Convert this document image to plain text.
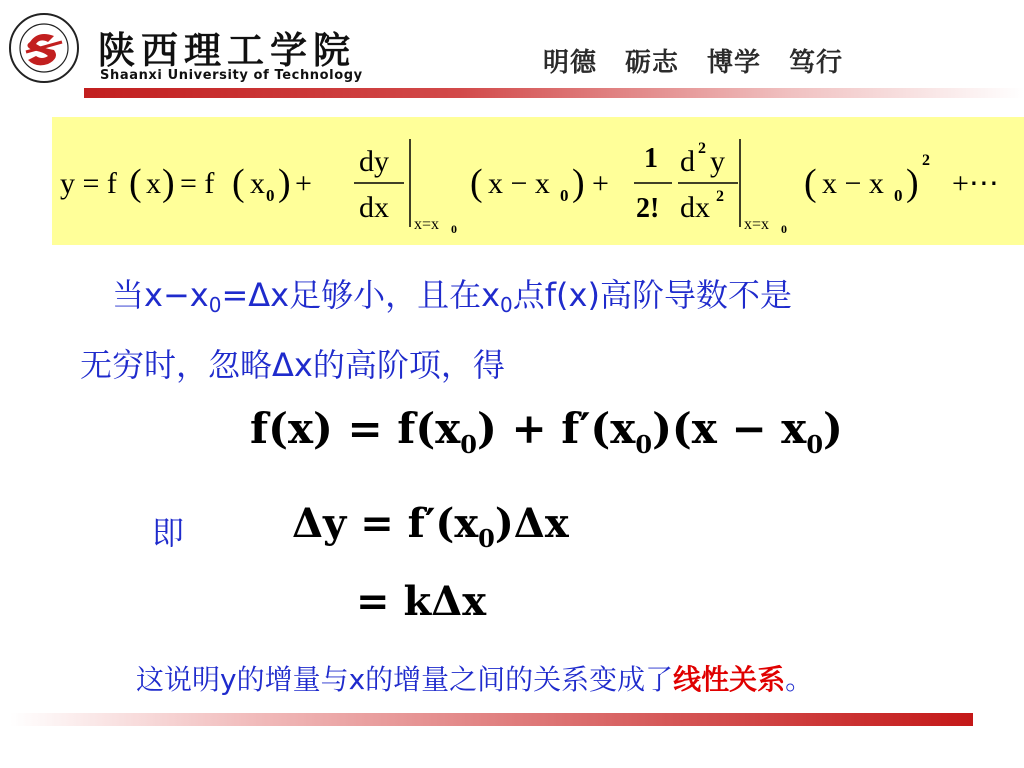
陕西理工学院
Shaanxi University of Technology	明德 砺志 博学 笃行
y = f ( x ) = f ( x 0 ) +
dy
dx
x=x 0
( x − x 0 ) +
1
2!
d 2 y
dx 2
x=x 0
( x − x 0 )
2
+⋯
当$x-x_0=\Delta x$足够小，且在$x_0$点f(x)高阶导数不是
无穷时，忽略Δx的高阶项，得
$f(x) = f(x_0) + f'(x_0)(x - x_0)$
即	$\Delta y = f'(x_0)\Delta x$
= kΔx
这说明y的增量与x的增量之间的关系变成了线性关系。
